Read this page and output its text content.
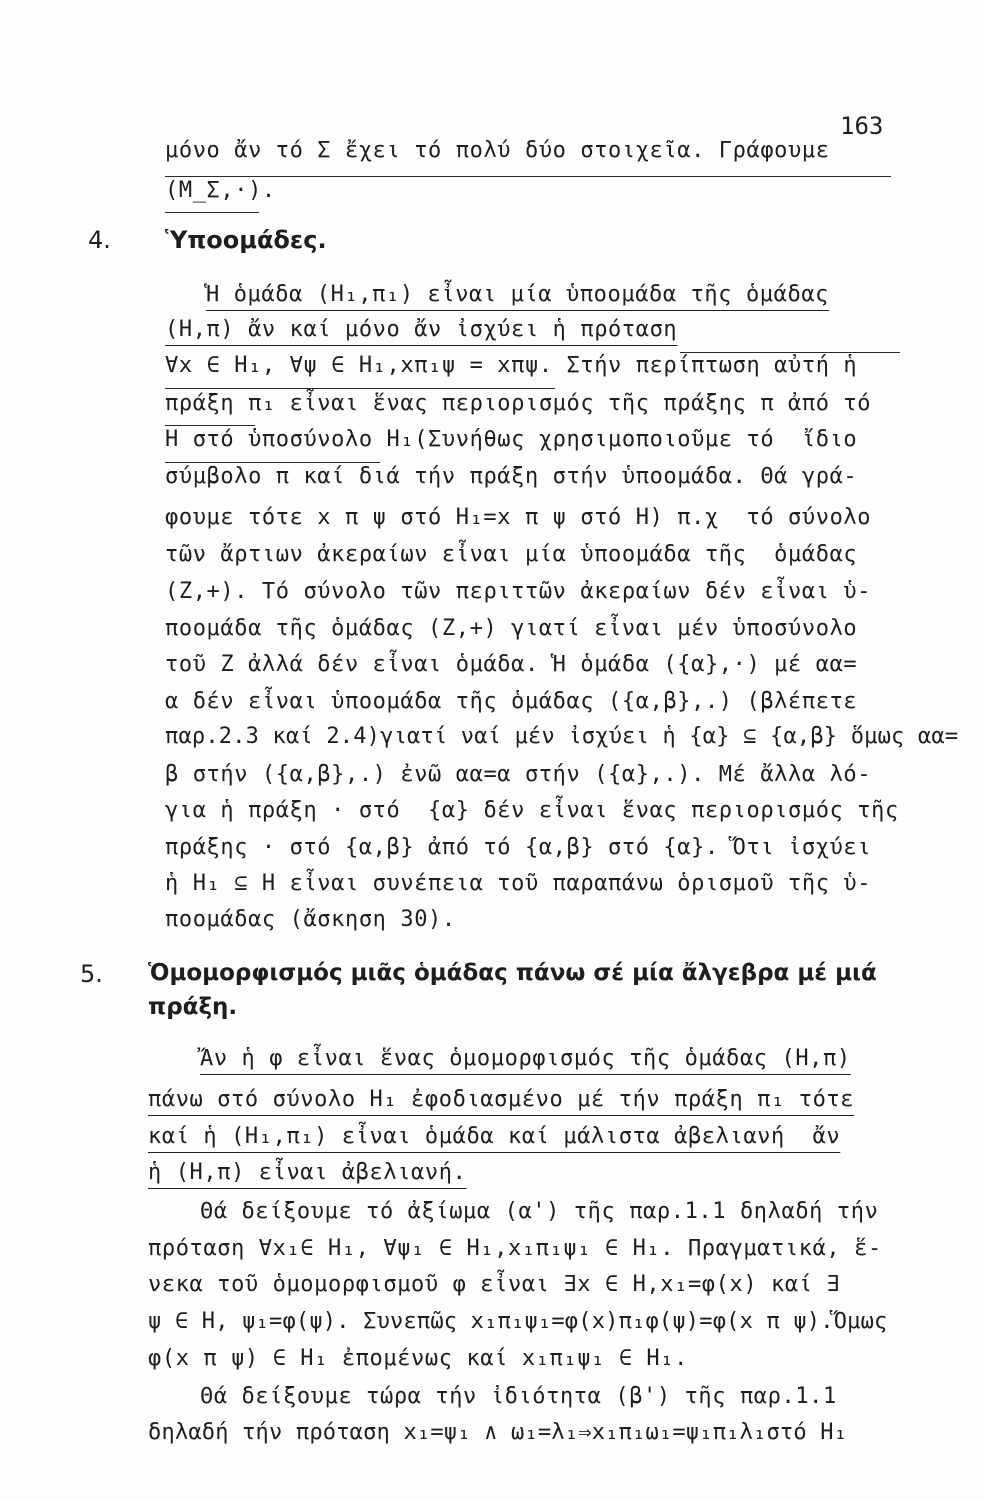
163
μόνο ἄν τό Σ ἔχει τό πολύ δύο στοιχεῖα. Γράφουμε
(M_Σ,·).
4. Ὑποομάδες.
Ἡ ὁμάδα (H₁,π₁) εἶναι μία ὑποομάδα τῆς ὁμάδας
(H,π) ἄν καί μόνο ἄν ἰσχύει ἡ πρόταση
∀x ∈ H₁, ∀ψ ∈ H₁,xπ₁ψ = xπψ. Στήν περίπτωση αὐτή ἡ
πράξη π₁ εἶναι ἕνας περιορισμός τῆς πράξης π ἀπό τό
H στό ὑποσύνολο H₁(Συνήθως χρησιμοποιοῦμε τό  ἴδιο
σύμβολο π καί διά τήν πράξη στήν ὑποομάδα. Θά γρά-
φουμε τότε x π ψ στό H₁=x π ψ στό H) π.χ  τό σύνολο
τῶν ἄρτιων ἀκεραίων εἶναι μία ὑποομάδα τῆς  ὁμάδας
(Z,+). Τό σύνολο τῶν περιττῶν ἀκεραίων δέν εἶναι ὑ-
ποομάδα τῆς ὁμάδας (Z,+) γιατί εἶναι μέν ὑποσύνολο
τοῦ Z ἀλλά δέν εἶναι ὁμάδα. Ἡ ὁμάδα ({α},·) μέ αα=
α δέν εἶναι ὑποομάδα τῆς ὁμάδας ({α,β},.) (βλέπετε
παρ.2.3 καί 2.4)γιατί ναί μέν ἰσχύει ἡ {α} ⊆ {α,β} ὅμως αα=
β στήν ({α,β},.) ἐνῶ αα=α στήν ({α},.). Μέ ἄλλα λό-
για ἡ πράξη · στό  {α} δέν εἶναι ἕνας περιορισμός τῆς
πράξης · στό {α,β} ἀπό τό {α,β} στό {α}. Ὅτι ἰσχύει
ἡ H₁ ⊆ H εἶναι συνέπεια τοῦ παραπάνω ὁρισμοῦ τῆς ὑ-
ποομάδας (ἄσκηση 30).
5. Ὁμομορφισμός μιᾶς ὁμάδας πάνω σέ μία ἄλγεβρα μέ μιά
πράξη.
Ἄν ἡ φ εἶναι ἕνας ὁμομορφισμός τῆς ὁμάδας (H,π)
πάνω στό σύνολο H₁ ἐφοδιασμένο μέ τήν πράξη π₁ τότε
καί ἡ (H₁,π₁) εἶναι ὁμάδα καί μάλιστα ἀβελιανή  ἄν
ἡ (H,π) εἶναι ἀβελιανή.
Θά δείξουμε τό ἀξίωμα (α') τῆς παρ.1.1 δηλαδή τήν
πρόταση ∀x₁∈ H₁, ∀ψ₁ ∈ H₁,x₁π₁ψ₁ ∈ H₁. Πραγματικά, ἕ-
νεκα τοῦ ὁμομορφισμοῦ φ εἶναι ∃x ∈ H,x₁=φ(x) καί ∃
ψ ∈ H, ψ₁=φ(ψ). Συνεπῶς x₁π₁ψ₁=φ(x)π₁φ(ψ)=φ(x π ψ).Ὅμως
φ(x π ψ) ∈ H₁ ἐπομένως καί x₁π₁ψ₁ ∈ H₁.
Θά δείξουμε τώρα τήν ἰδιότητα (β') τῆς παρ.1.1
δηλαδή τήν πρόταση x₁=ψ₁ ∧ ω₁=λ₁⇒x₁π₁ω₁=ψ₁π₁λ₁στό H₁
